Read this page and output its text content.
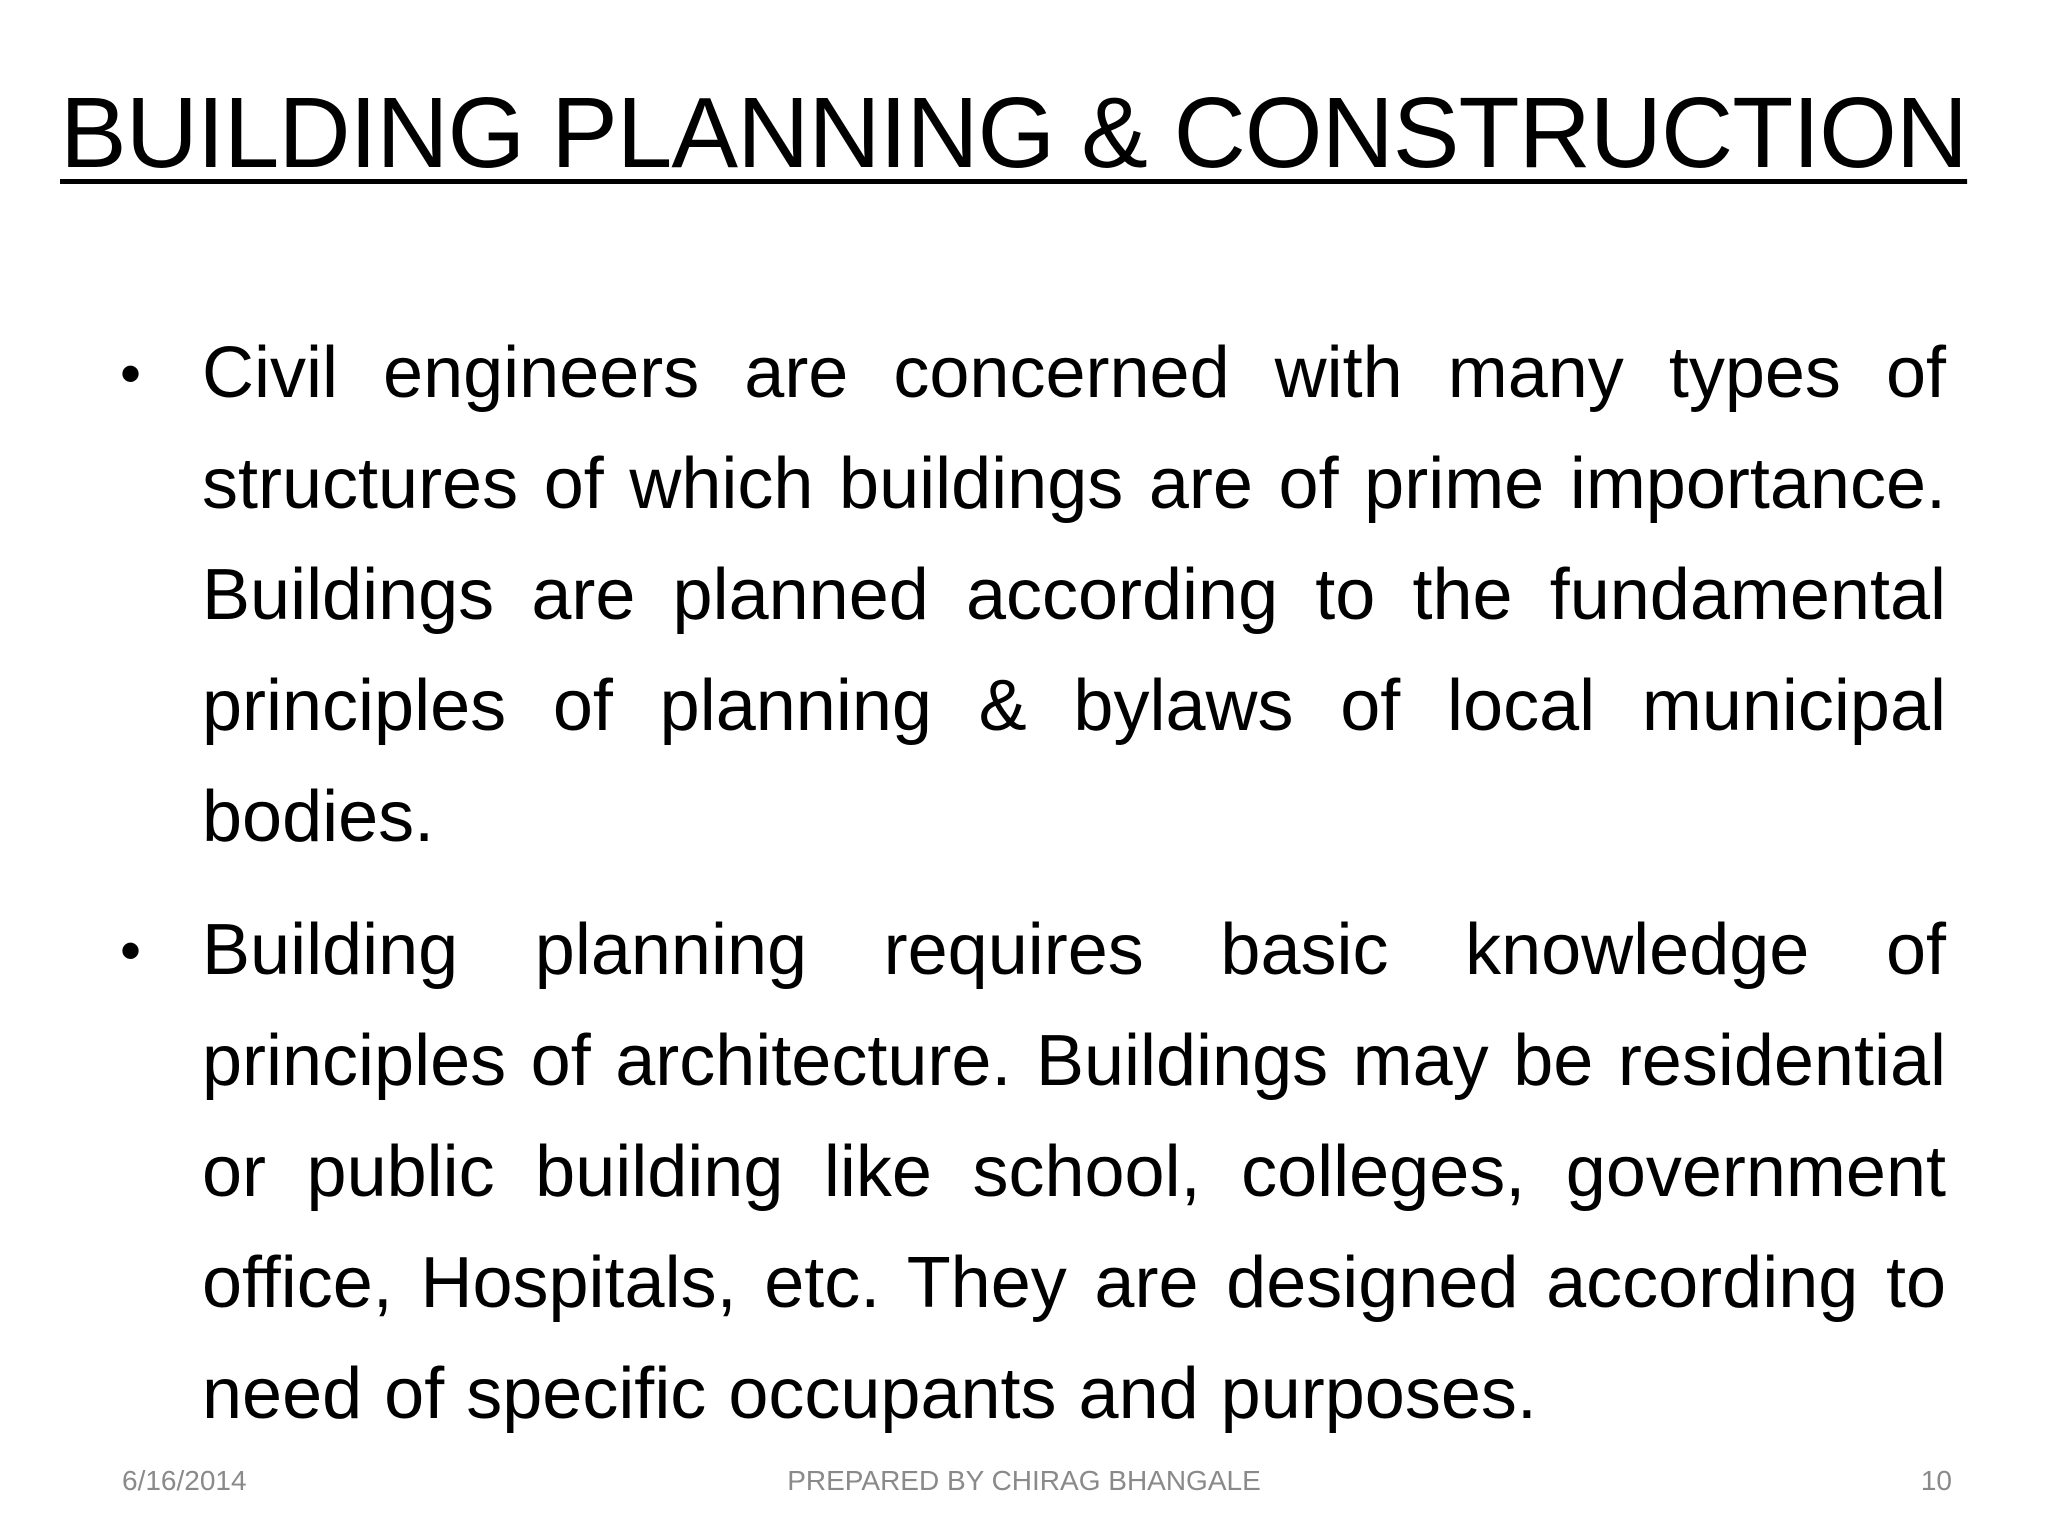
BUILDING PLANNING & CONSTRUCTION
• Civil engineers are concerned with many types of structures of which buildings are of prime importance. Buildings are planned according to the fundamental principles of planning & bylaws of local municipal bodies.
• Building planning requires basic knowledge of principles of architecture. Buildings may be residential or public building like school, colleges, government office, Hospitals, etc. They are designed according to need of specific occupants and purposes.
PREPARED BY CHIRAG BHANGALE
6/16/2014	10
